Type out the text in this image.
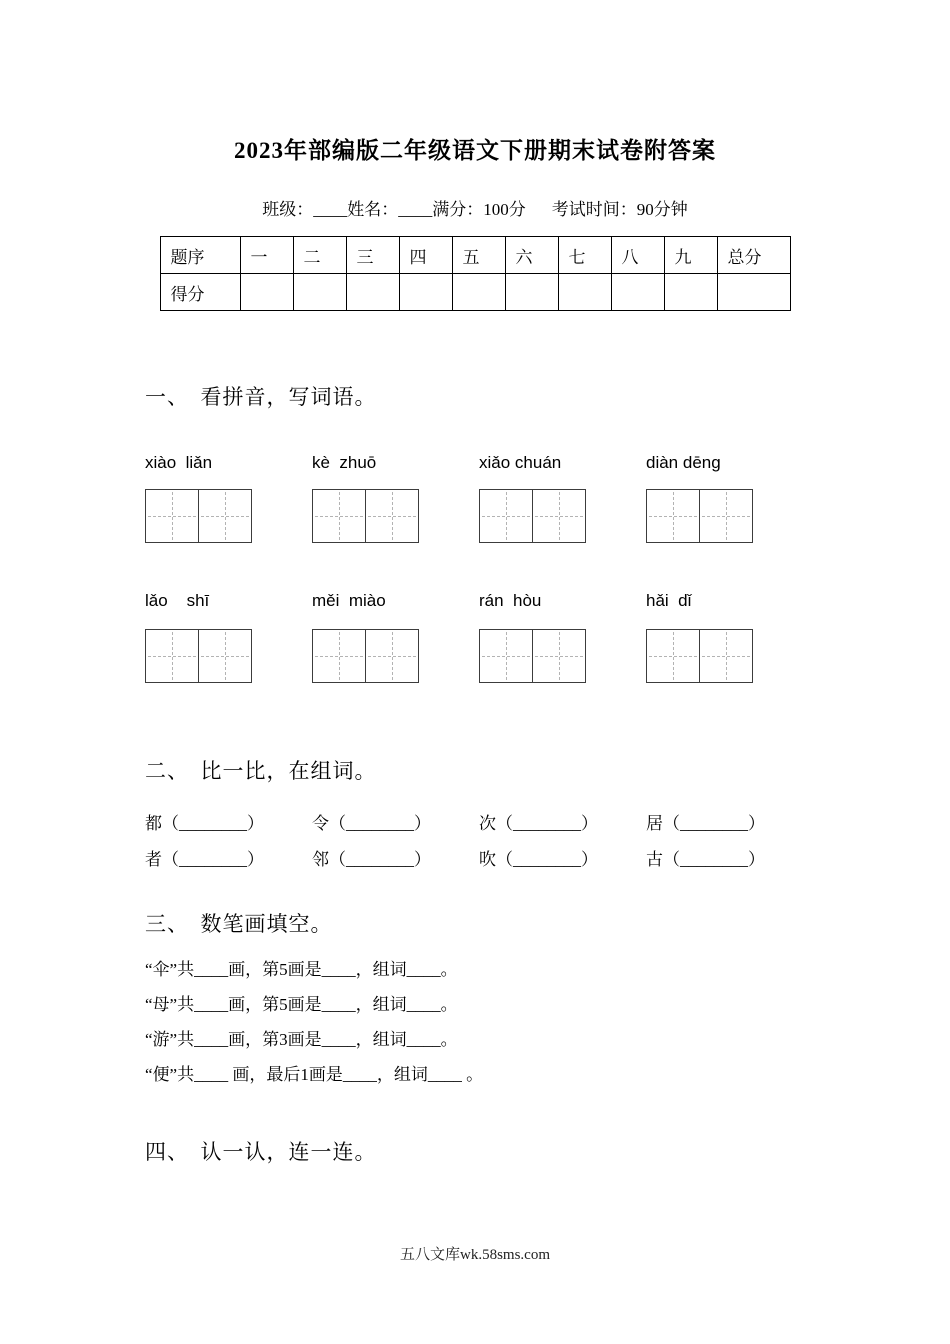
2023年部编版二年级语文下册期末试卷附答案
班级：____姓名：____满分：100分 考试时间：90分钟
题序	一	二	三	四	五	六	七	八	九	总分
得分										
一、　看拼音，写词语。
xiào  liǎn	kè  zhuō	xiǎo chuán	diàn dēng
lǎo    shī	měi  miào	rán  hòu	hǎi  dǐ
二、　比一比，在组词。
都（________）	令（________）	次（________）	居（________）
者（________）	邻（________）	吹（________）	古（________）
三、　数笔画填空。
“伞”共____画，第5画是____，组词____。
“母”共____画，第5画是____，组词____。
“游”共____画，第3画是____，组词____。
“便”共____ 画，最后1画是____，组词____ 。
四、　认一认，连一连。
五八文库wk.58sms.com
